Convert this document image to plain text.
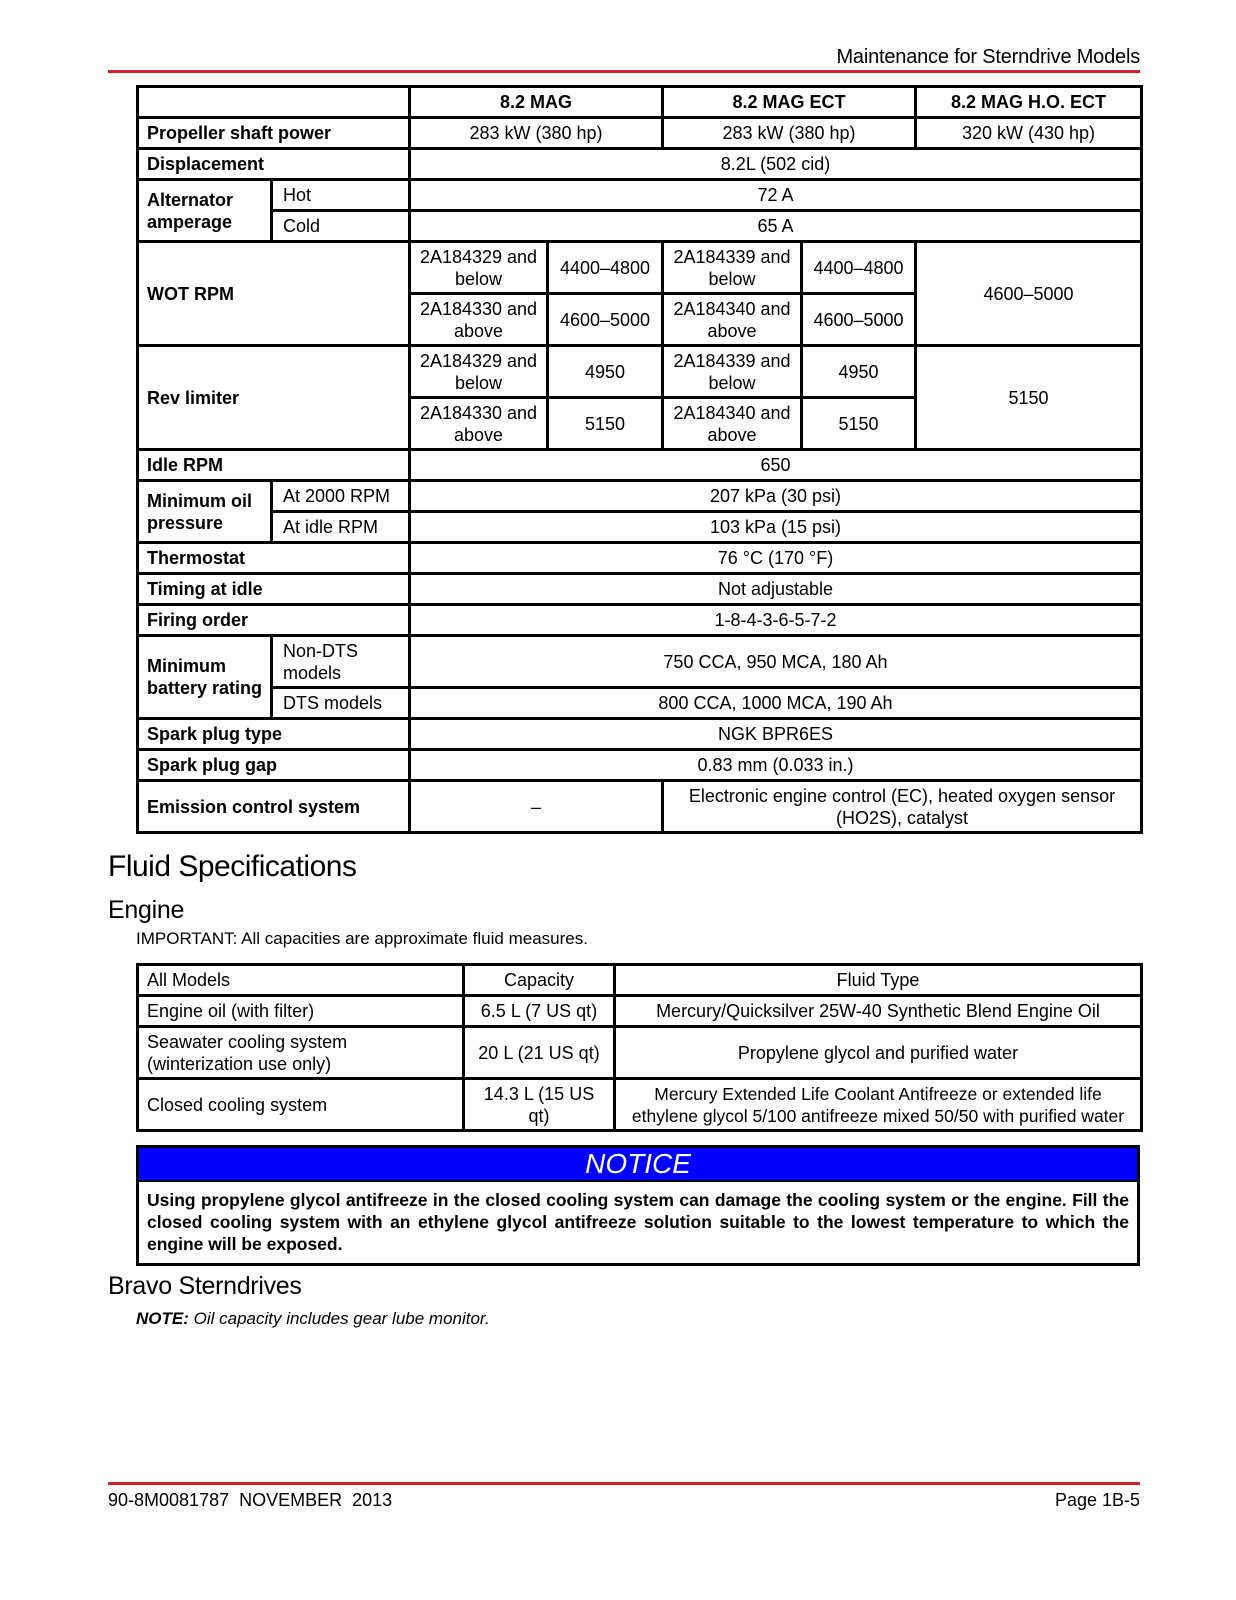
Maintenance for Sterndrive Models
		8.2 MAG		8.2 MAG ECT		8.2 MAG H.O. ECT
Propeller shaft power		283 kW (380 hp)		283 kW (380 hp)		320 kW (430 hp)
Displacement		8.2L (502 cid)				
Alternator amperage	Hot	72 A				
	Cold	65 A				
WOT RPM		2A184329 and below	4400–4800	2A184339 and below	4400–4800	4600–5000
		2A184330 and above	4600–5000	2A184340 and above	4600–5000	
Rev limiter		2A184329 and below	4950	2A184339 and below	4950	5150
		2A184330 and above	5150	2A184340 and above	5150	
Idle RPM		650				
Minimum oil pressure	At 2000 RPM	207 kPa (30 psi)				
	At idle RPM	103 kPa (15 psi)				
Thermostat		76 °C (170 °F)				
Timing at idle		Not adjustable				
Firing order		1-8-4-3-6-5-7-2				
Minimum battery rating	Non-DTS models	750 CCA, 950 MCA, 180 Ah				
	DTS models	800 CCA, 1000 MCA, 190 Ah				
Spark plug type		NGK BPR6ES				
Spark plug gap		0.83 mm (0.033 in.)				
Emission control system		–		Electronic engine control (EC), heated oxygen sensor (HO2S), catalyst		
Fluid Specifications
Engine
IMPORTANT: All capacities are approximate fluid measures.
All Models	Capacity	Fluid Type
Engine oil (with filter)	6.5 L (7 US qt)	Mercury/Quicksilver 25W-40 Synthetic Blend Engine Oil
Seawater cooling system (winterization use only)	20 L (21 US qt)	Propylene glycol and purified water
Closed cooling system	14.3 L (15 US qt)	Mercury Extended Life Coolant Antifreeze or extended life ethylene glycol 5/100 antifreeze mixed 50/50 with purified water
NOTICE
Using propylene glycol antifreeze in the closed cooling system can damage the cooling system or the engine. Fill the closed cooling system with an ethylene glycol antifreeze solution suitable to the lowest temperature to which the engine will be exposed.
Bravo Sterndrives
NOTE: Oil capacity includes gear lube monitor.
90-8M0081787  NOVEMBER  2013	Page 1B-5
